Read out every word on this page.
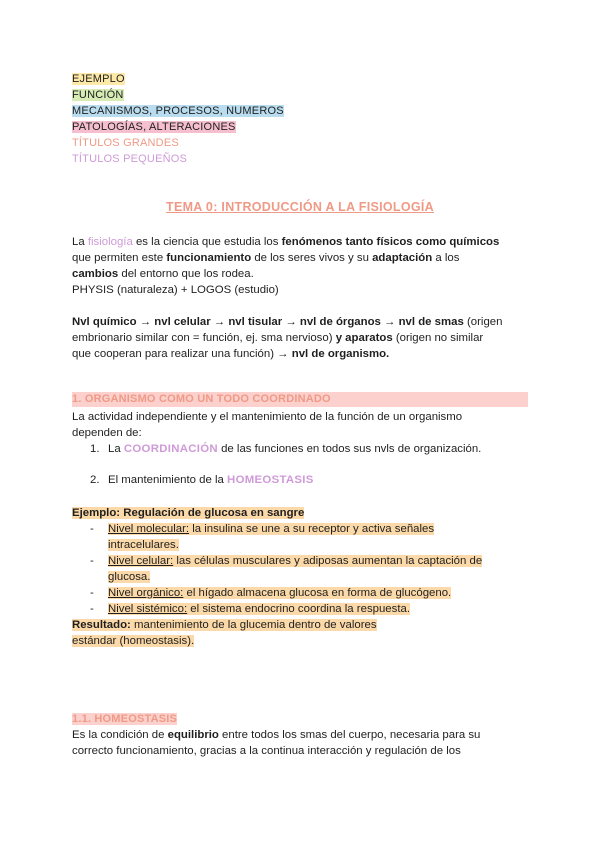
EJEMPLO
FUNCIÓN
MECANISMOS, PROCESOS, NUMEROS
PATOLOGÍAS, ALTERACIONES
TÍTULOS GRANDES
TÍTULOS PEQUEÑOS
TEMA 0: INTRODUCCIÓN A LA FISIOLOGÍA
La fisiología es la ciencia que estudia los fenómenos tanto físicos como químicos
que permiten este funcionamiento de los seres vivos y su adaptación a los
cambios del entorno que los rodea.
PHYSIS (naturaleza) + LOGOS (estudio)
Nvl químico → nvl celular → nvl tisular → nvl de órganos → nvl de smas (origen
embrionario similar con = función, ej. sma nervioso) y aparatos (origen no similar
que cooperan para realizar una función) → nvl de organismo.
1. ORGANISMO COMO UN TODO COORDINADO
La actividad independiente y el mantenimiento de la función de un organismo
dependen de:
1. La COORDINACIÓN de las funciones en todos sus nvls de organización.
2. El mantenimiento de la HOMEOSTASIS
Ejemplo: Regulación de glucosa en sangre
- Nivel molecular: la insulina se une a su receptor y activa señales
intracelulares.
- Nivel celular: las células musculares y adiposas aumentan la captación de
glucosa.
- Nivel orgánico: el hígado almacena glucosa en forma de glucógeno.
- Nivel sistémico: el sistema endocrino coordina la respuesta.
Resultado: mantenimiento de la glucemia dentro de valores
estándar (homeostasis).
1.1. HOMEOSTASIS
Es la condición de equilibrio entre todos los smas del cuerpo, necesaria para su
correcto funcionamiento, gracias a la continua interacción y regulación de los
